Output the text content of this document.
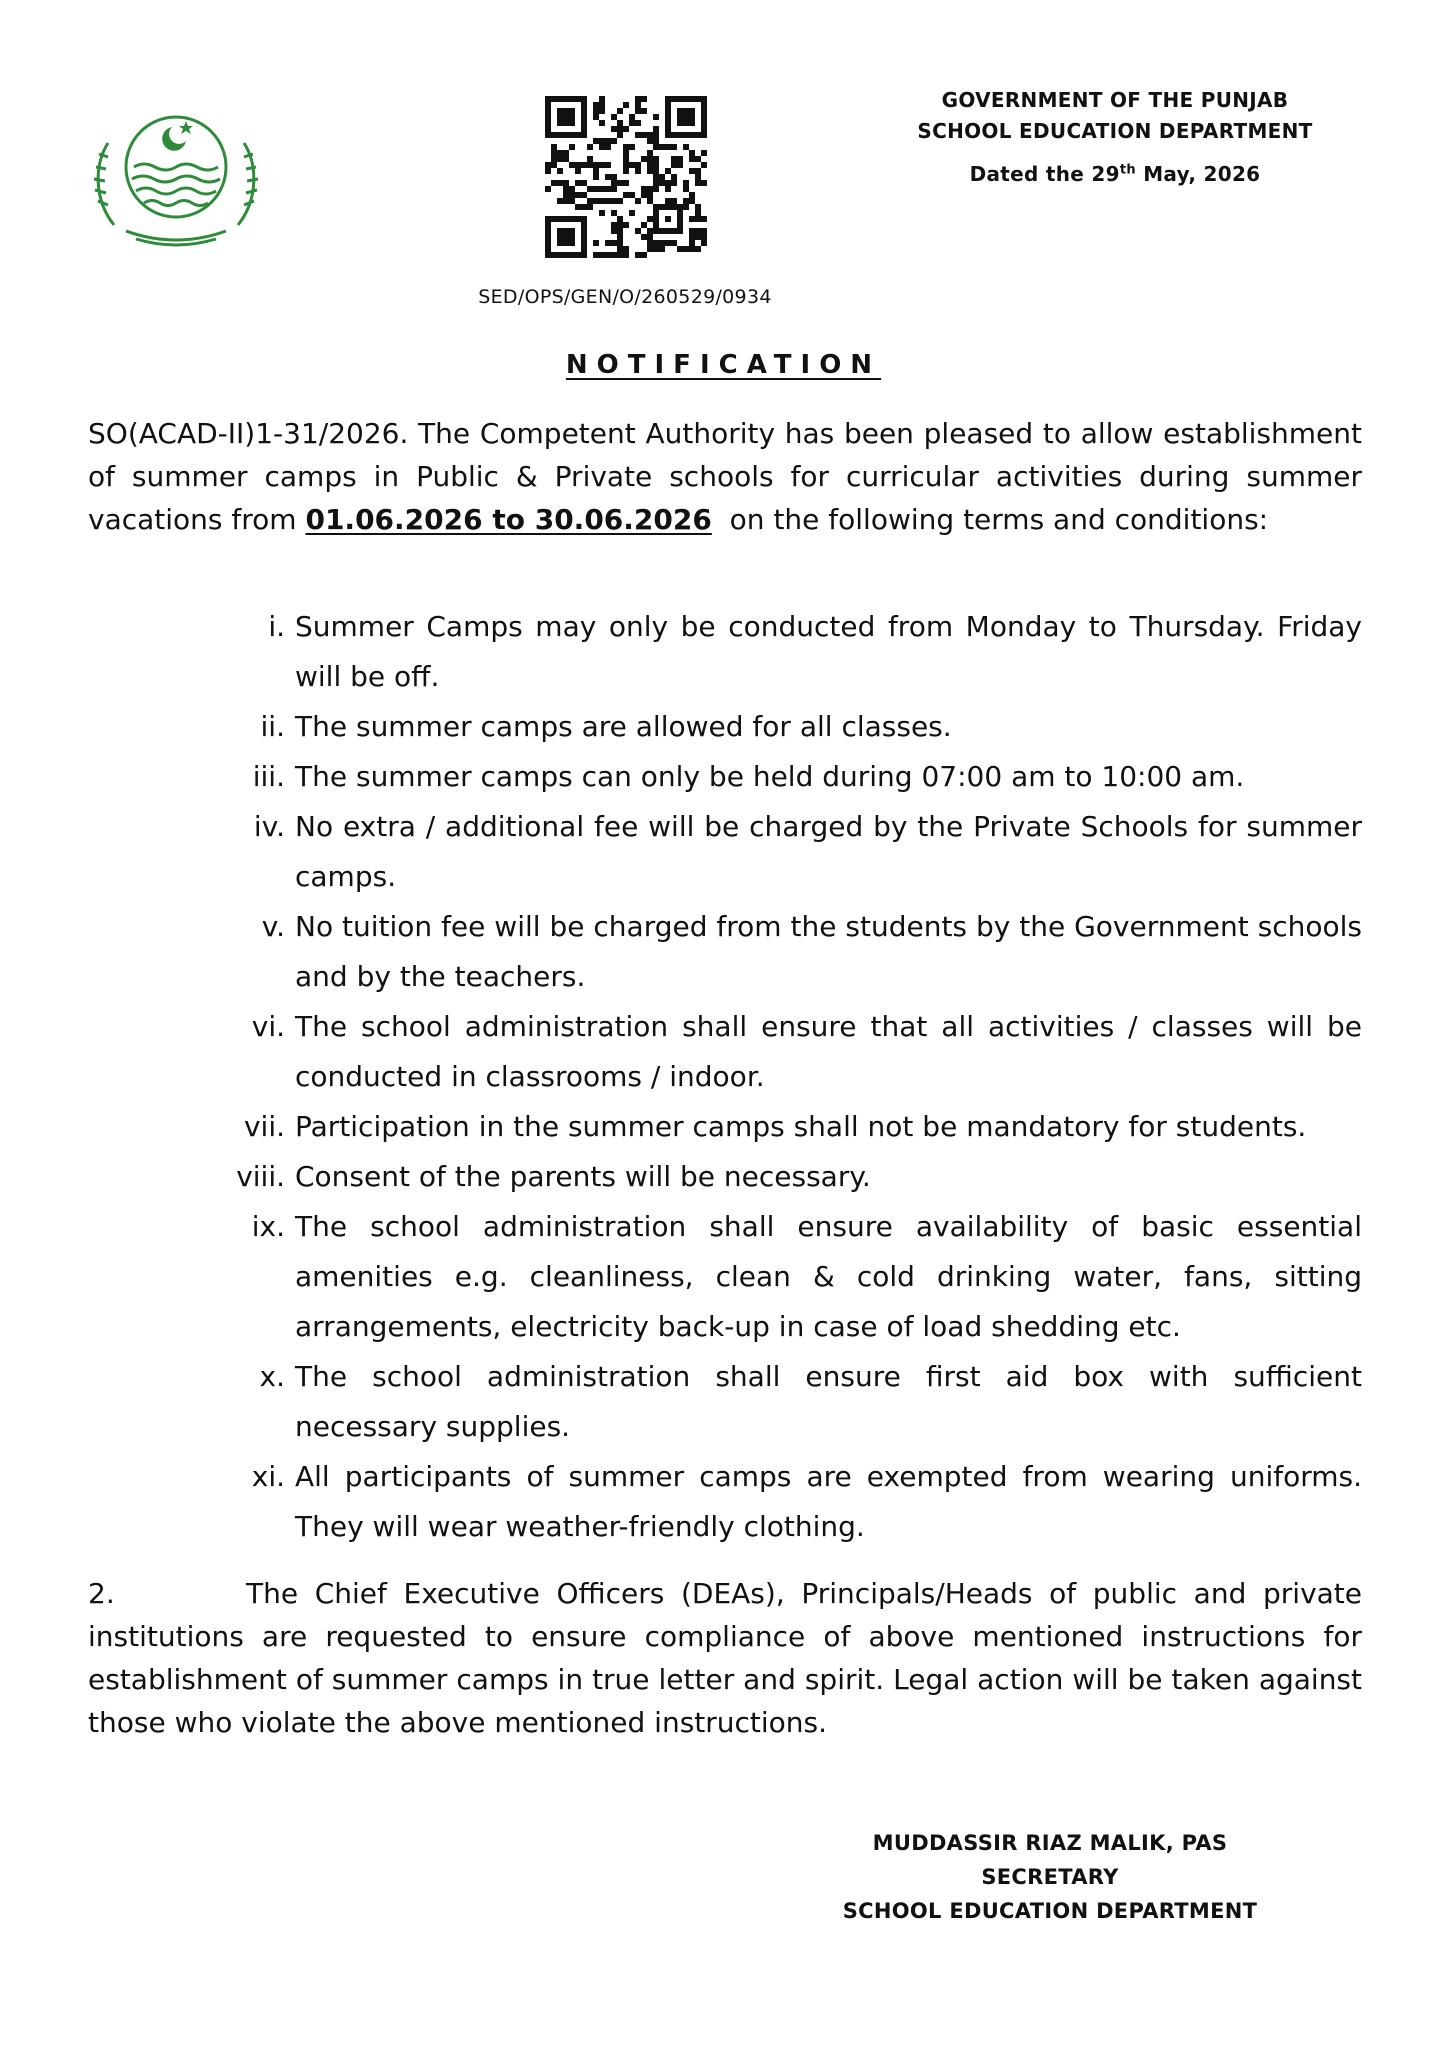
SED/OPS/GEN/O/260529/0934
GOVERNMENT OF THE PUNJAB
SCHOOL EDUCATION DEPARTMENT
Dated the 29th May, 2026
NOTIFICATION
SO(ACAD-II)1-31/2026. The Competent Authority has been pleased to allow establishment of summer camps in Public & Private schools for curricular activities during summer vacations from 01.06.2026 to 30.06.2026  on the following terms and conditions:
i. Summer Camps may only be conducted from Monday to Thursday. Friday will be off.
ii. The summer camps are allowed for all classes.
iii. The summer camps can only be held during 07:00 am to 10:00 am.
iv. No extra / additional fee will be charged by the Private Schools for summer camps.
v. No tuition fee will be charged from the students by the Government schools and by the teachers.
vi. The school administration shall ensure that all activities / classes will be conducted in classrooms / indoor.
vii. Participation in the summer camps shall not be mandatory for students.
viii. Consent of the parents will be necessary.
ix. The school administration shall ensure availability of basic essential amenities e.g. cleanliness, clean & cold drinking water, fans, sitting arrangements, electricity back-up in case of load shedding etc.
x. The school administration shall ensure first aid box with sufficient necessary supplies.
xi. All participants of summer camps are exempted from wearing uniforms. They will wear weather-friendly clothing.
2.	The Chief Executive Officers (DEAs), Principals/Heads of public and private institutions are requested to ensure compliance of above mentioned instructions for establishment of summer camps in true letter and spirit. Legal action will be taken against those who violate the above mentioned instructions.
MUDDASSIR RIAZ MALIK, PAS
SECRETARY
SCHOOL EDUCATION DEPARTMENT
